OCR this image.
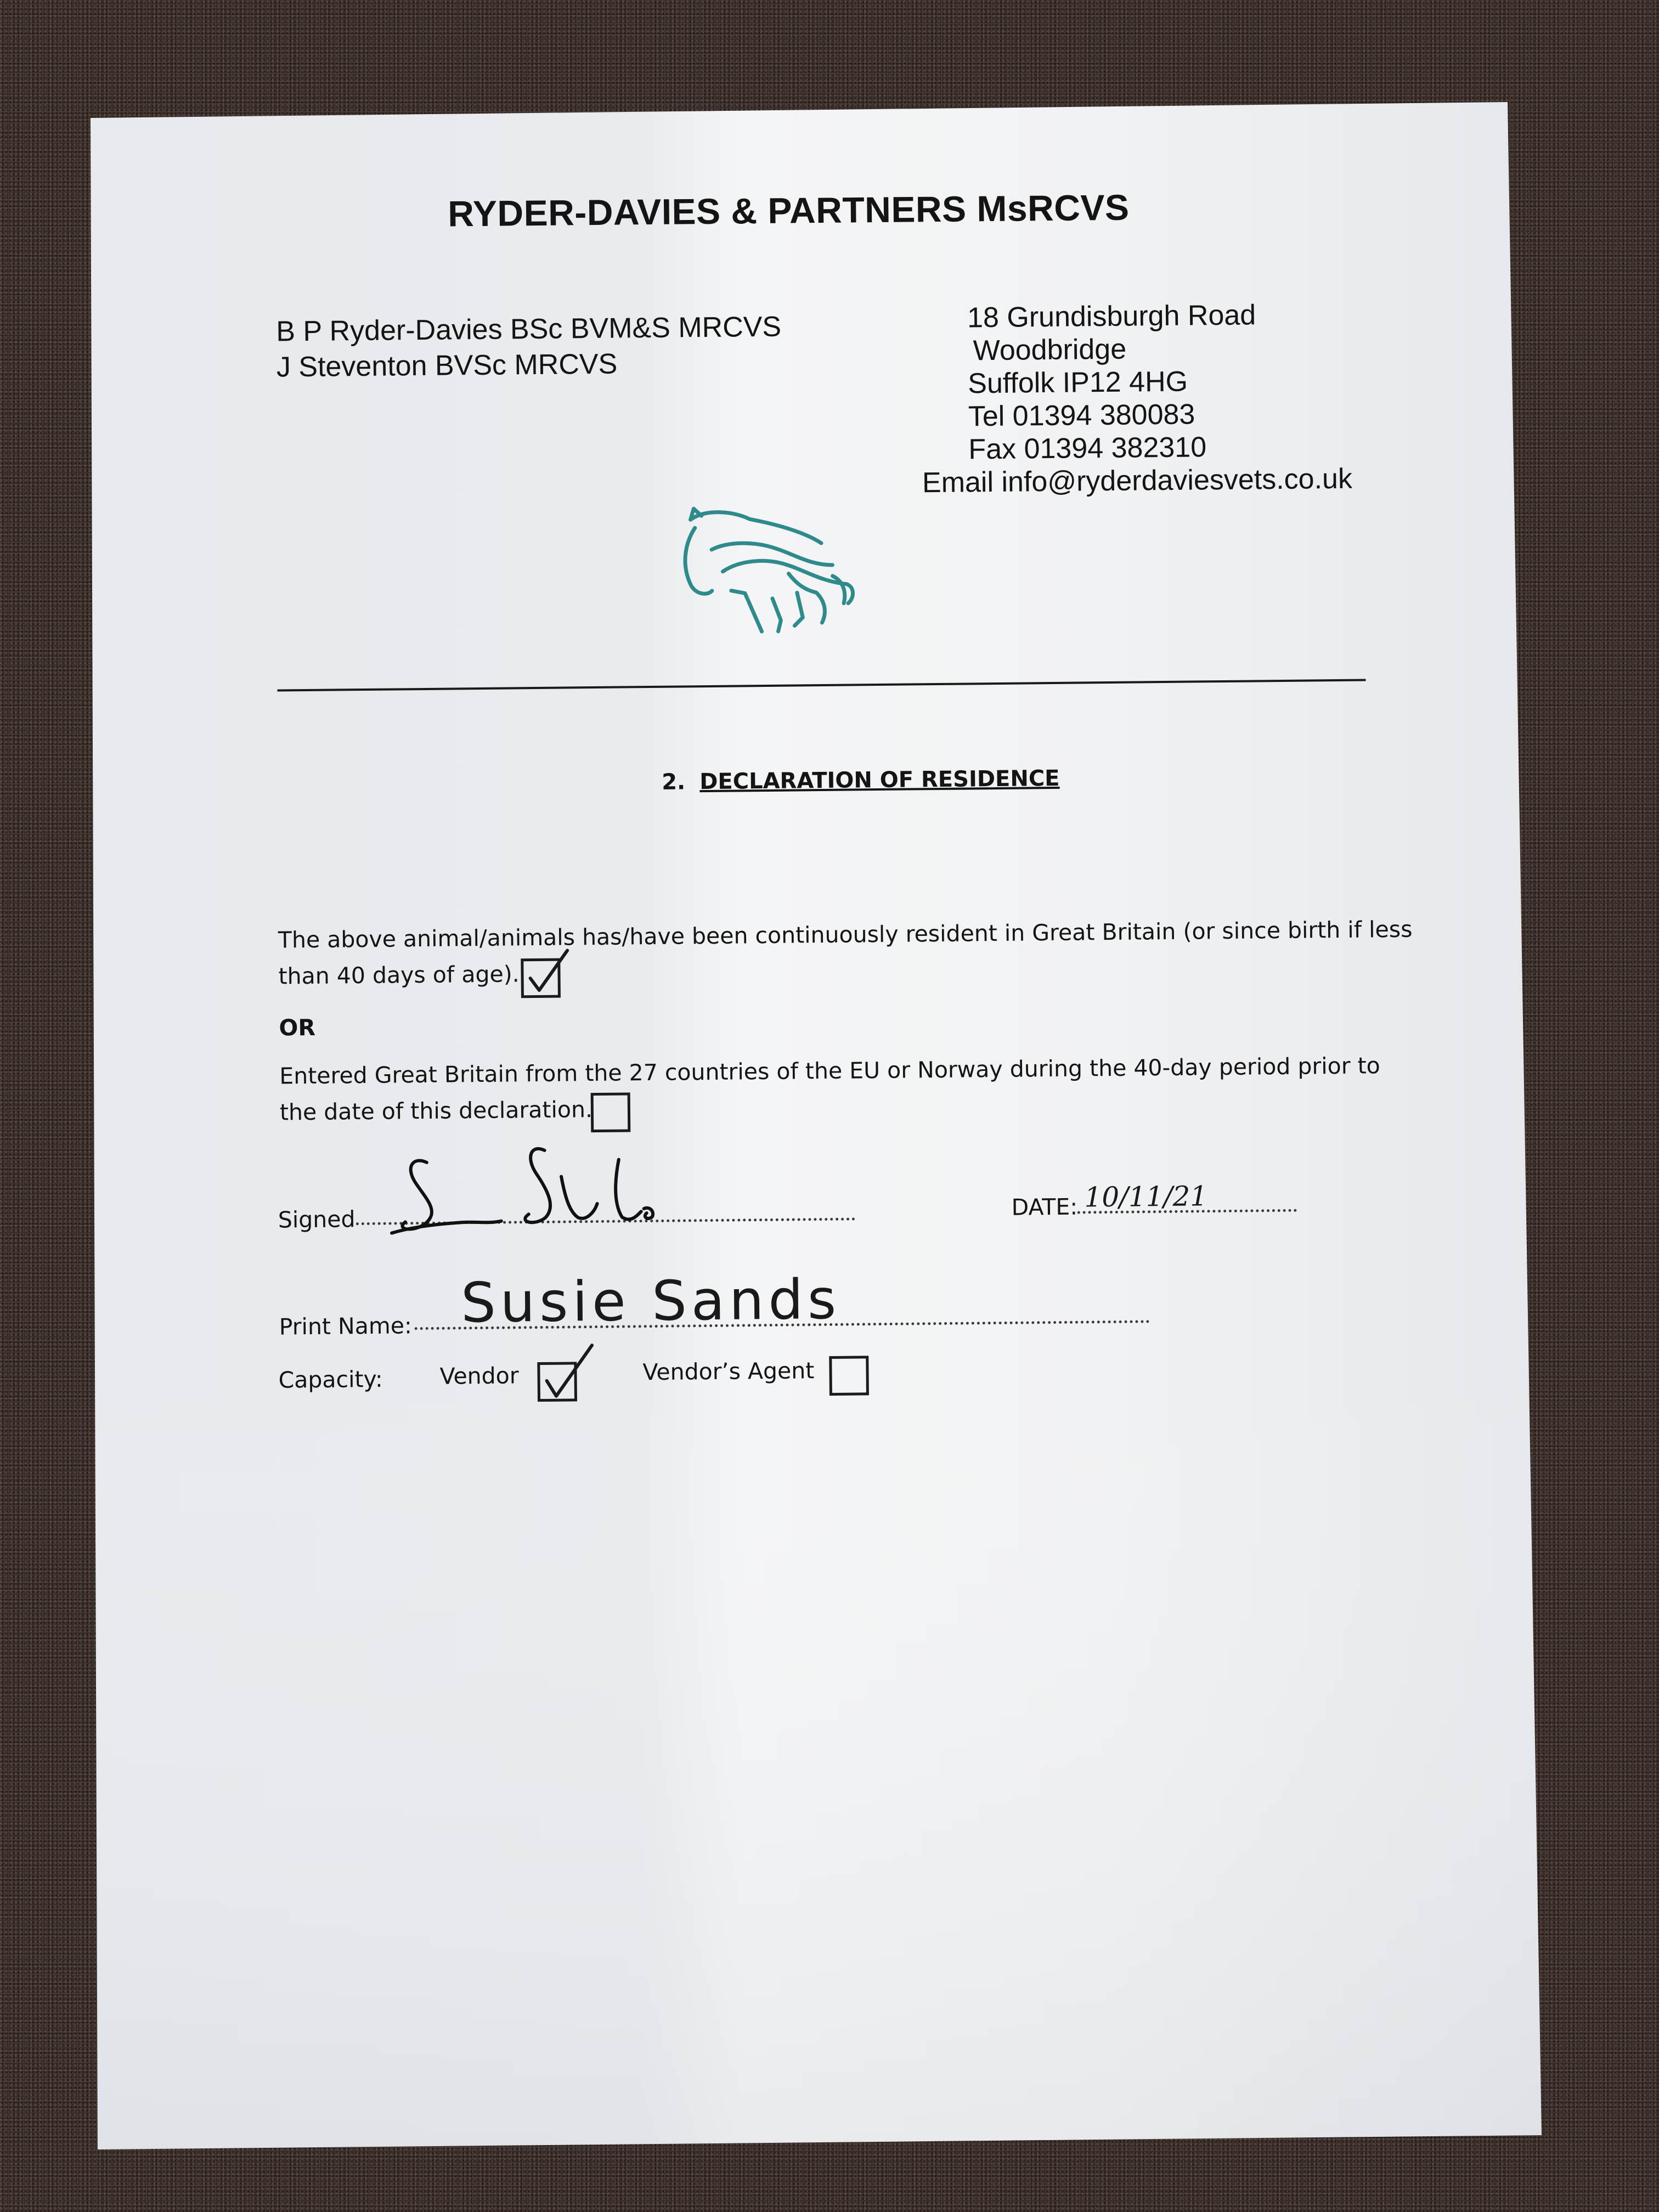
RYDER-DAVIES & PARTNERS MsRCVS
B P Ryder-Davies BSc BVM&S MRCVS
J Steventon BVSc MRCVS
18 Grundisburgh Road
Woodbridge
Suffolk IP12 4HG
Tel 01394 380083
Fax 01394 382310
Email info@ryderdaviesvets.co.uk
2. DECLARATION OF RESIDENCE
The above animal/animals has/have been continuously resident in Great Britain (or since birth if less
than 40 days of age).
OR
Entered Great Britain from the 27 countries of the EU or Norway during the 40-day period prior to
the date of this declaration.
Signed	DATE: 10/11/21
Print Name: Susie Sands
Capacity:	Vendor	Vendor’s Agent
